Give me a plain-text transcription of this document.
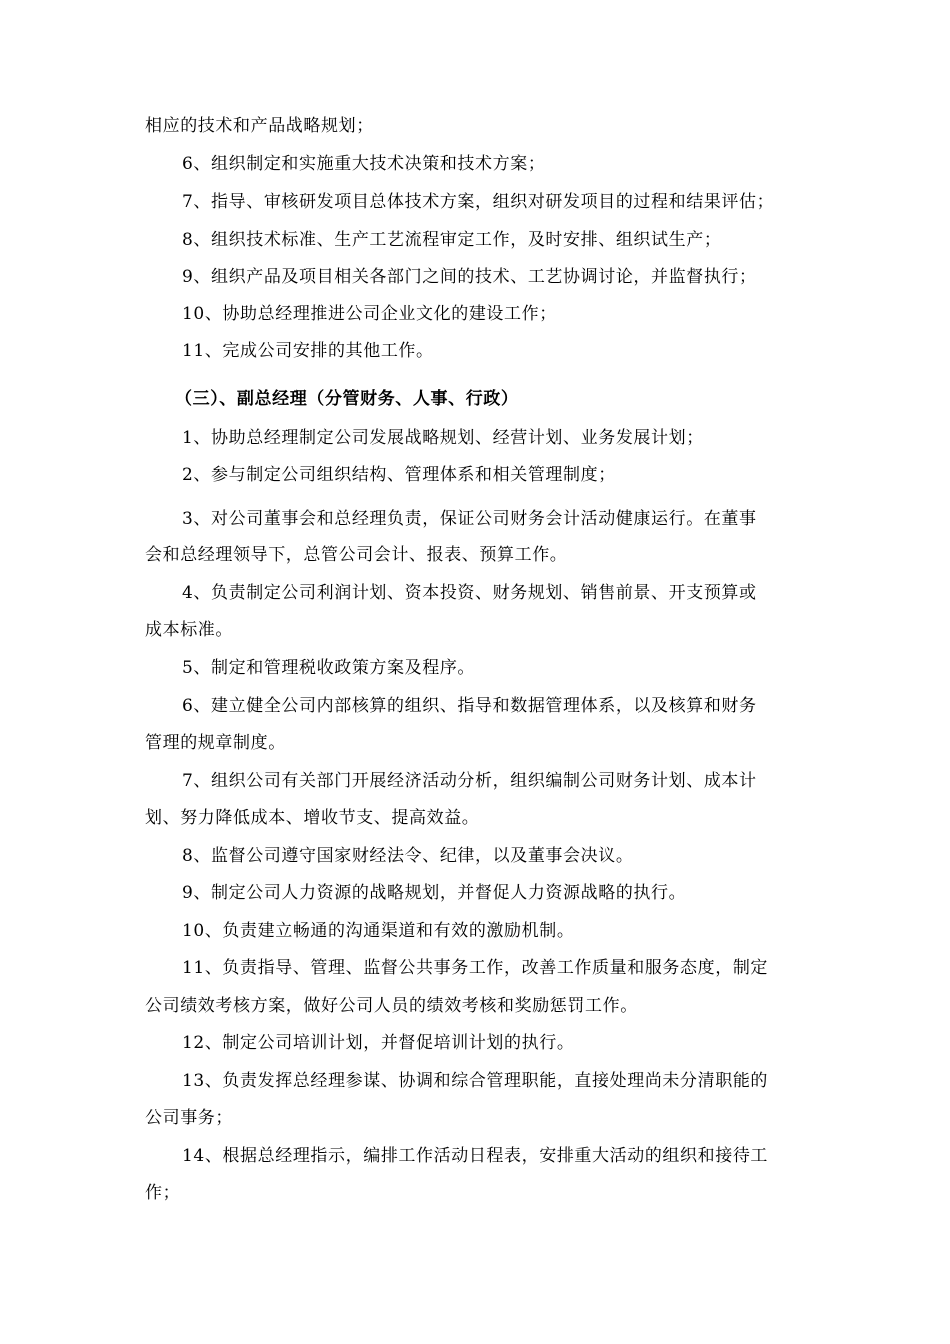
相应的技术和产品战略规划；
6、组织制定和实施重大技术决策和技术方案；
7、指导、审核研发项目总体技术方案，组织对研发项目的过程和结果评估；
8、组织技术标准、生产工艺流程审定工作，及时安排、组织试生产；
9、组织产品及项目相关各部门之间的技术、工艺协调讨论，并监督执行；
10、协助总经理推进公司企业文化的建设工作；
11、完成公司安排的其他工作。
（三）、副总经理（分管财务、人事、行政）
1、协助总经理制定公司发展战略规划、经营计划、业务发展计划；
2、参与制定公司组织结构、管理体系和相关管理制度；
3、对公司董事会和总经理负责，保证公司财务会计活动健康运行。在董事
会和总经理领导下，总管公司会计、报表、预算工作。
4、负责制定公司利润计划、资本投资、财务规划、销售前景、开支预算或
成本标准。
5、制定和管理税收政策方案及程序。
6、建立健全公司内部核算的组织、指导和数据管理体系，以及核算和财务
管理的规章制度。
7、组织公司有关部门开展经济活动分析，组织编制公司财务计划、成本计
划、努力降低成本、增收节支、提高效益。
8、监督公司遵守国家财经法令、纪律，以及董事会决议。
9、制定公司人力资源的战略规划，并督促人力资源战略的执行。
10、负责建立畅通的沟通渠道和有效的激励机制。
11、负责指导、管理、监督公共事务工作，改善工作质量和服务态度，制定
公司绩效考核方案，做好公司人员的绩效考核和奖励惩罚工作。
12、制定公司培训计划，并督促培训计划的执行。
13、负责发挥总经理参谋、协调和综合管理职能，直接处理尚未分清职能的
公司事务；
14、根据总经理指示，编排工作活动日程表，安排重大活动的组织和接待工
作；
